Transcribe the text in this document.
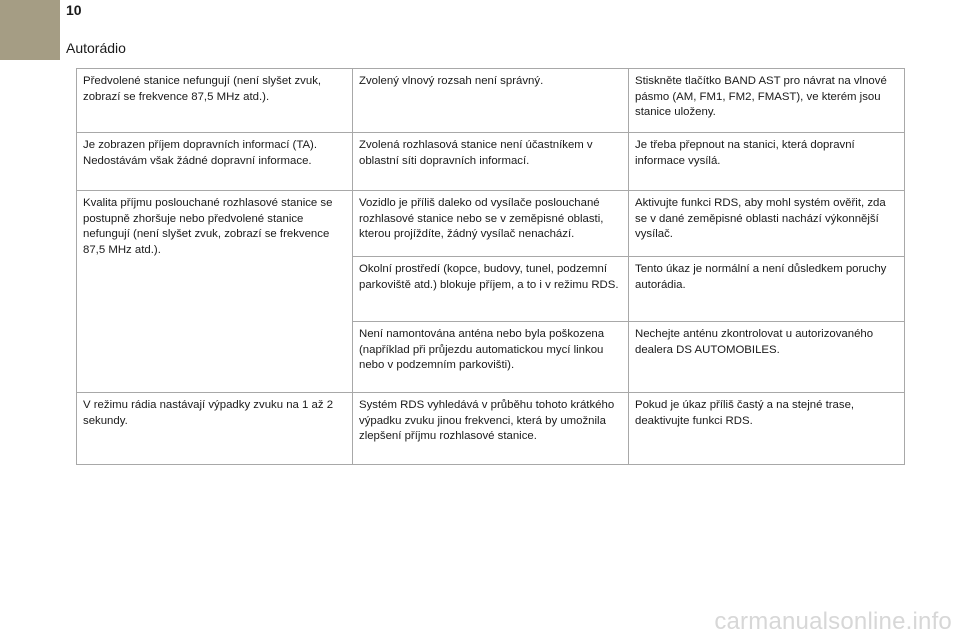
10
Autorádio
Předvolené stanice nefungují (není slyšet zvuk, zobrazí se frekvence 87,5 MHz atd.).	Zvolený vlnový rozsah není správný.	Stiskněte tlačítko BAND AST pro návrat na vlnové pásmo (AM, FM1, FM2, FMAST), ve kterém jsou stanice uloženy.
Je zobrazen příjem dopravních informací (TA). Nedostávám však žádné dopravní informace.	Zvolená rozhlasová stanice není účastníkem v oblastní síti dopravních informací.	Je třeba přepnout na stanici, která dopravní informace vysílá.
Kvalita příjmu poslouchané rozhlasové stanice se postupně zhoršuje nebo předvolené stanice nefungují (není slyšet zvuk, zobrazí se frekvence 87,5 MHz atd.).	Vozidlo je příliš daleko od vysílače poslouchané rozhlasové stanice nebo se v zeměpisné oblasti, kterou projíždíte, žádný vysílač nenachází.	Aktivujte funkci RDS, aby mohl systém ověřit, zda se v dané zeměpisné oblasti nachází výkonnější vysílač.
	Okolní prostředí (kopce, budovy, tunel, podzemní parkoviště atd.) blokuje příjem, a to i v režimu RDS.	Tento úkaz je normální a není důsledkem poruchy autorádia.
	Není namontována anténa nebo byla poškozena (například při průjezdu automatickou mycí linkou nebo v podzemním parkovišti).	Nechejte anténu zkontrolovat u autorizovaného dealera DS AUTOMOBILES.
V režimu rádia nastávají výpadky zvuku na 1 až 2 sekundy.	Systém RDS vyhledává v průběhu tohoto krátkého výpadku zvuku jinou frekvenci, která by umožnila zlepšení příjmu rozhlasové stanice.	Pokud je úkaz příliš častý a na stejné trase, deaktivujte funkci RDS.
carmanualsonline.info
